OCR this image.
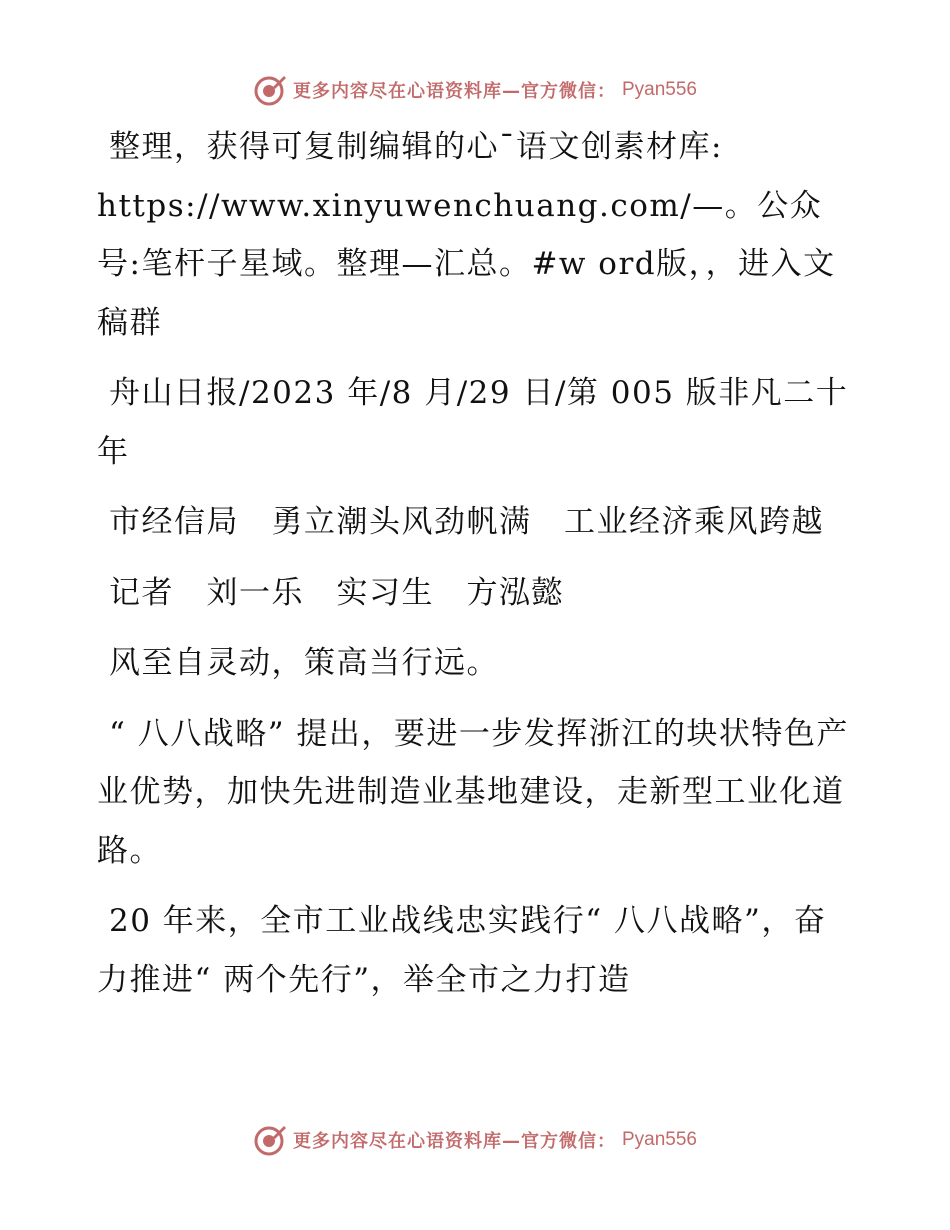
更多内容尽在心语资料库—官方微信： Pyan556

整理，获得可复制编辑的心¯语文创素材库:

https://www.xinyuwenchuang.com/—。公众号:笔杆子星域。整理—汇总。#w ord版，，进入文稿群

舟山日报/2023 年/8 月/29 日/第 005 版非凡二十年

市经信局　勇立潮头风劲帆满　工业经济乘风跨越

记者　刘一乐　实习生　方泓懿

风至自灵动，策高当行远。

“ 八八战略” 提出，要进一步发挥浙江的块状特色产业优势，加快先进制造业基地建设，走新型工业化道路。

20 年来，全市工业战线忠实践行“ 八八战略”，奋力推进“ 两个先行”，举全市之力打造

更多内容尽在心语资料库—官方微信： Pyan556
